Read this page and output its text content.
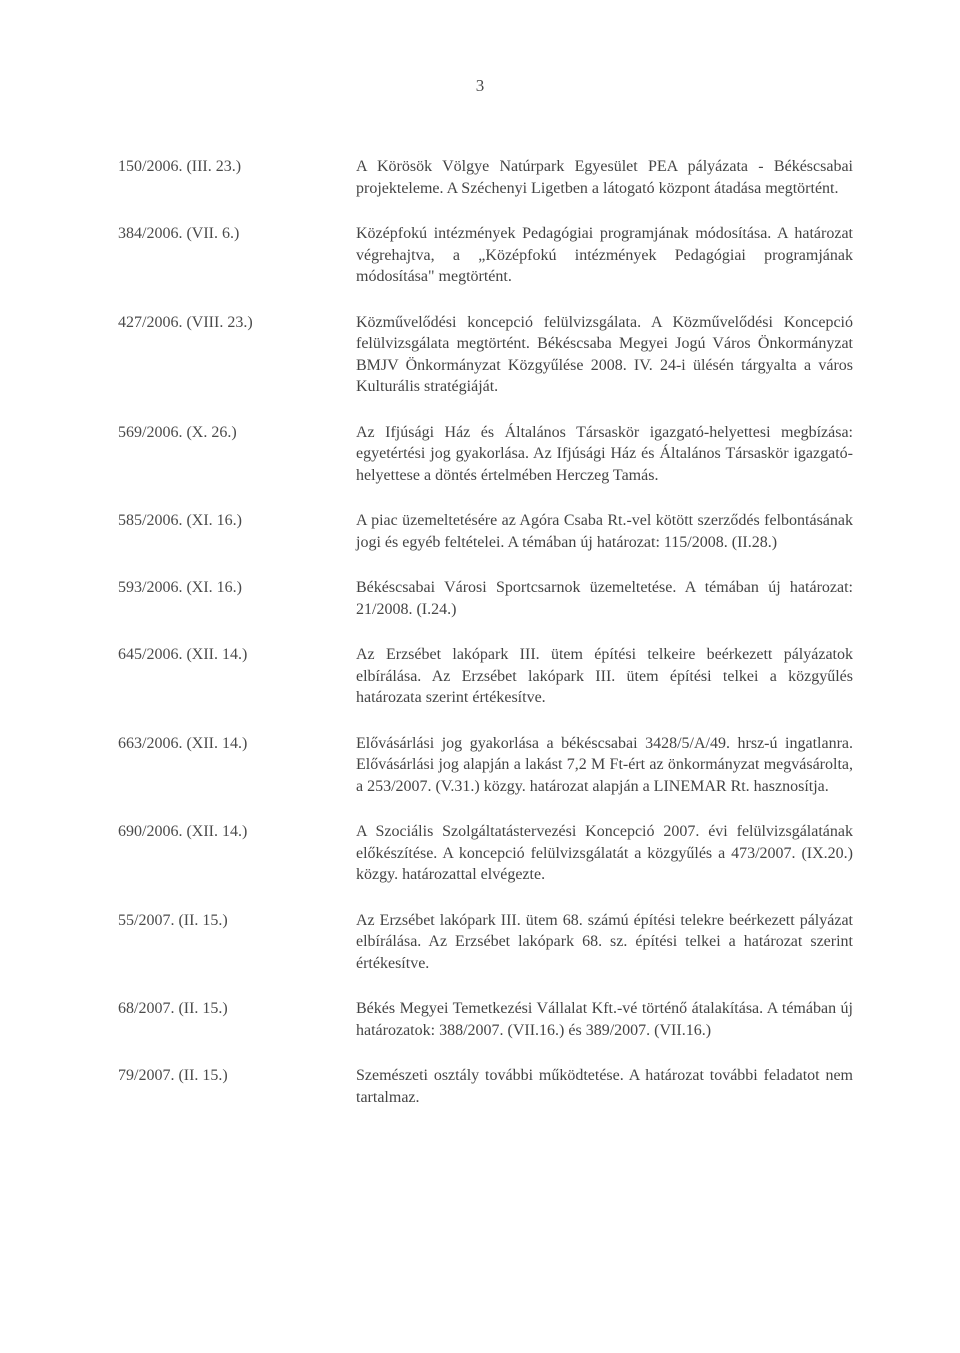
3
150/2006. (III. 23.)	A Körösök Völgye Natúrpark Egyesület PEA pályázata - Békéscsabai projekteleme. A Széchenyi Ligetben a látogató központ átadása megtörtént.
384/2006. (VII. 6.)	Középfokú intézmények Pedagógiai programjának módosítása. A határozat végrehajtva, a „Középfokú intézmények Pedagógiai programjának módosítása" megtörtént.
427/2006. (VIII. 23.)	Közművelődési koncepció felülvizsgálata. A Közművelődési Koncepció felülvizsgálata megtörtént. Békéscsaba Megyei Jogú Város Önkormányzat BMJV Önkormányzat Közgyűlése 2008. IV. 24-i ülésén tárgyalta a város Kulturális stratégiáját.
569/2006. (X. 26.)	Az Ifjúsági Ház és Általános Társaskör igazgató-helyettesi megbízása: egyetértési jog gyakorlása. Az Ifjúsági Ház és Általános Társaskör igazgató-helyettese a döntés értelmében Herczeg Tamás.
585/2006. (XI. 16.)	A piac üzemeltetésére az Agóra Csaba Rt.-vel kötött szerződés felbontásának jogi és egyéb feltételei. A témában új határozat: 115/2008. (II.28.)
593/2006. (XI. 16.)	Békéscsabai Városi Sportcsarnok üzemeltetése. A témában új határozat: 21/2008. (I.24.)
645/2006. (XII. 14.)	Az Erzsébet lakópark III. ütem építési telkeire beérkezett pályázatok elbírálása. Az Erzsébet lakópark III. ütem építési telkei a közgyűlés határozata szerint értékesítve.
663/2006. (XII. 14.)	Elővásárlási jog gyakorlása a békéscsabai 3428/5/A/49. hrsz-ú ingatlanra. Elővásárlási jog alapján a lakást 7,2 M Ft-ért az önkormányzat megvásárolta, a 253/2007. (V.31.) közgy. határozat alapján a LINEMAR Rt. hasznosítja.
690/2006. (XII. 14.)	A Szociális Szolgáltatástervezési Koncepció 2007. évi felülvizsgálatának előkészítése. A koncepció felülvizsgálatát a közgyűlés a 473/2007. (IX.20.) közgy. határozattal elvégezte.
55/2007. (II. 15.)	Az Erzsébet lakópark III. ütem 68. számú építési telekre beérkezett pályázat elbírálása. Az Erzsébet lakópark 68. sz. építési telkei a határozat szerint értékesítve.
68/2007. (II. 15.)	Békés Megyei Temetkezési Vállalat Kft.-vé történő átalakítása. A témában új határozatok: 388/2007. (VII.16.) és 389/2007. (VII.16.)
79/2007. (II. 15.)	Szemészeti osztály további működtetése. A határozat további feladatot nem tartalmaz.
